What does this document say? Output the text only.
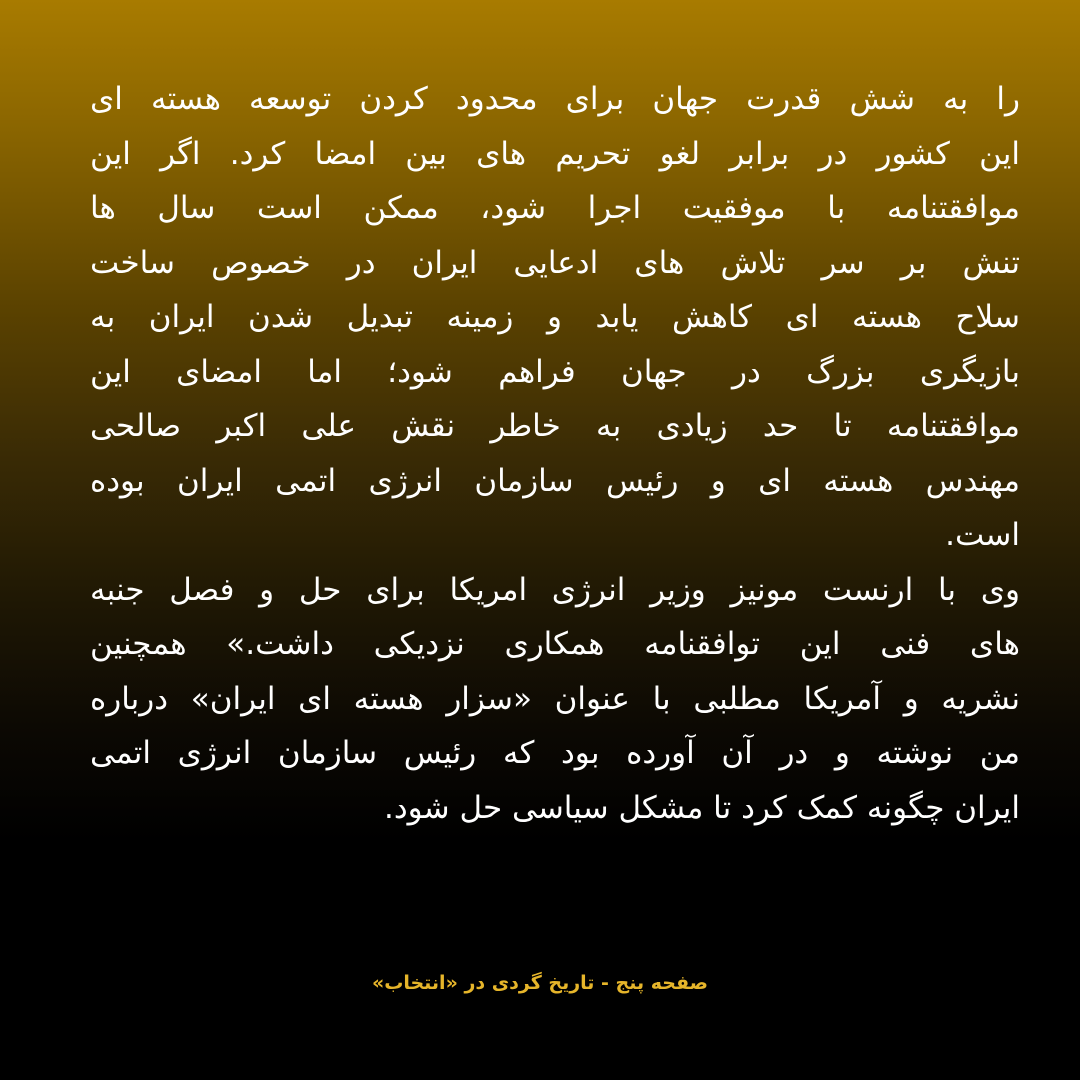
را به شش قدرت جهان برای محدود کردن توسعه هسته ای
این کشور در برابر لغو تحریم های بین امضا کرد. اگر این
موافقتنامه با موفقیت اجرا شود، ممکن است سال ها
تنش بر سر تلاش های ادعایی ایران در خصوص ساخت
سلاح هسته ای کاهش یابد و زمینه تبدیل شدن ایران به
بازیگری بزرگ در جهان فراهم شود؛ اما امضای این
موافقتنامه تا حد زیادی به خاطر نقش علی اکبر صالحی
مهندس هسته ای و رئیس سازمان انرژی اتمی ایران بوده
است.

وی با ارنست مونیز وزیر انرژی امریکا برای حل و فصل جنبه
های فنی این توافقنامه همکاری نزدیکی داشت.» همچنین
نشریه و آمریکا مطلبی با عنوان «سزار هسته ای ایران» درباره
من نوشته و در آن آورده بود که رئیس سازمان انرژی اتمی
ایران چگونه کمک کرد تا مشکل سیاسی حل شود.

صفحه پنج - تاریخ گردی در «انتخاب»
